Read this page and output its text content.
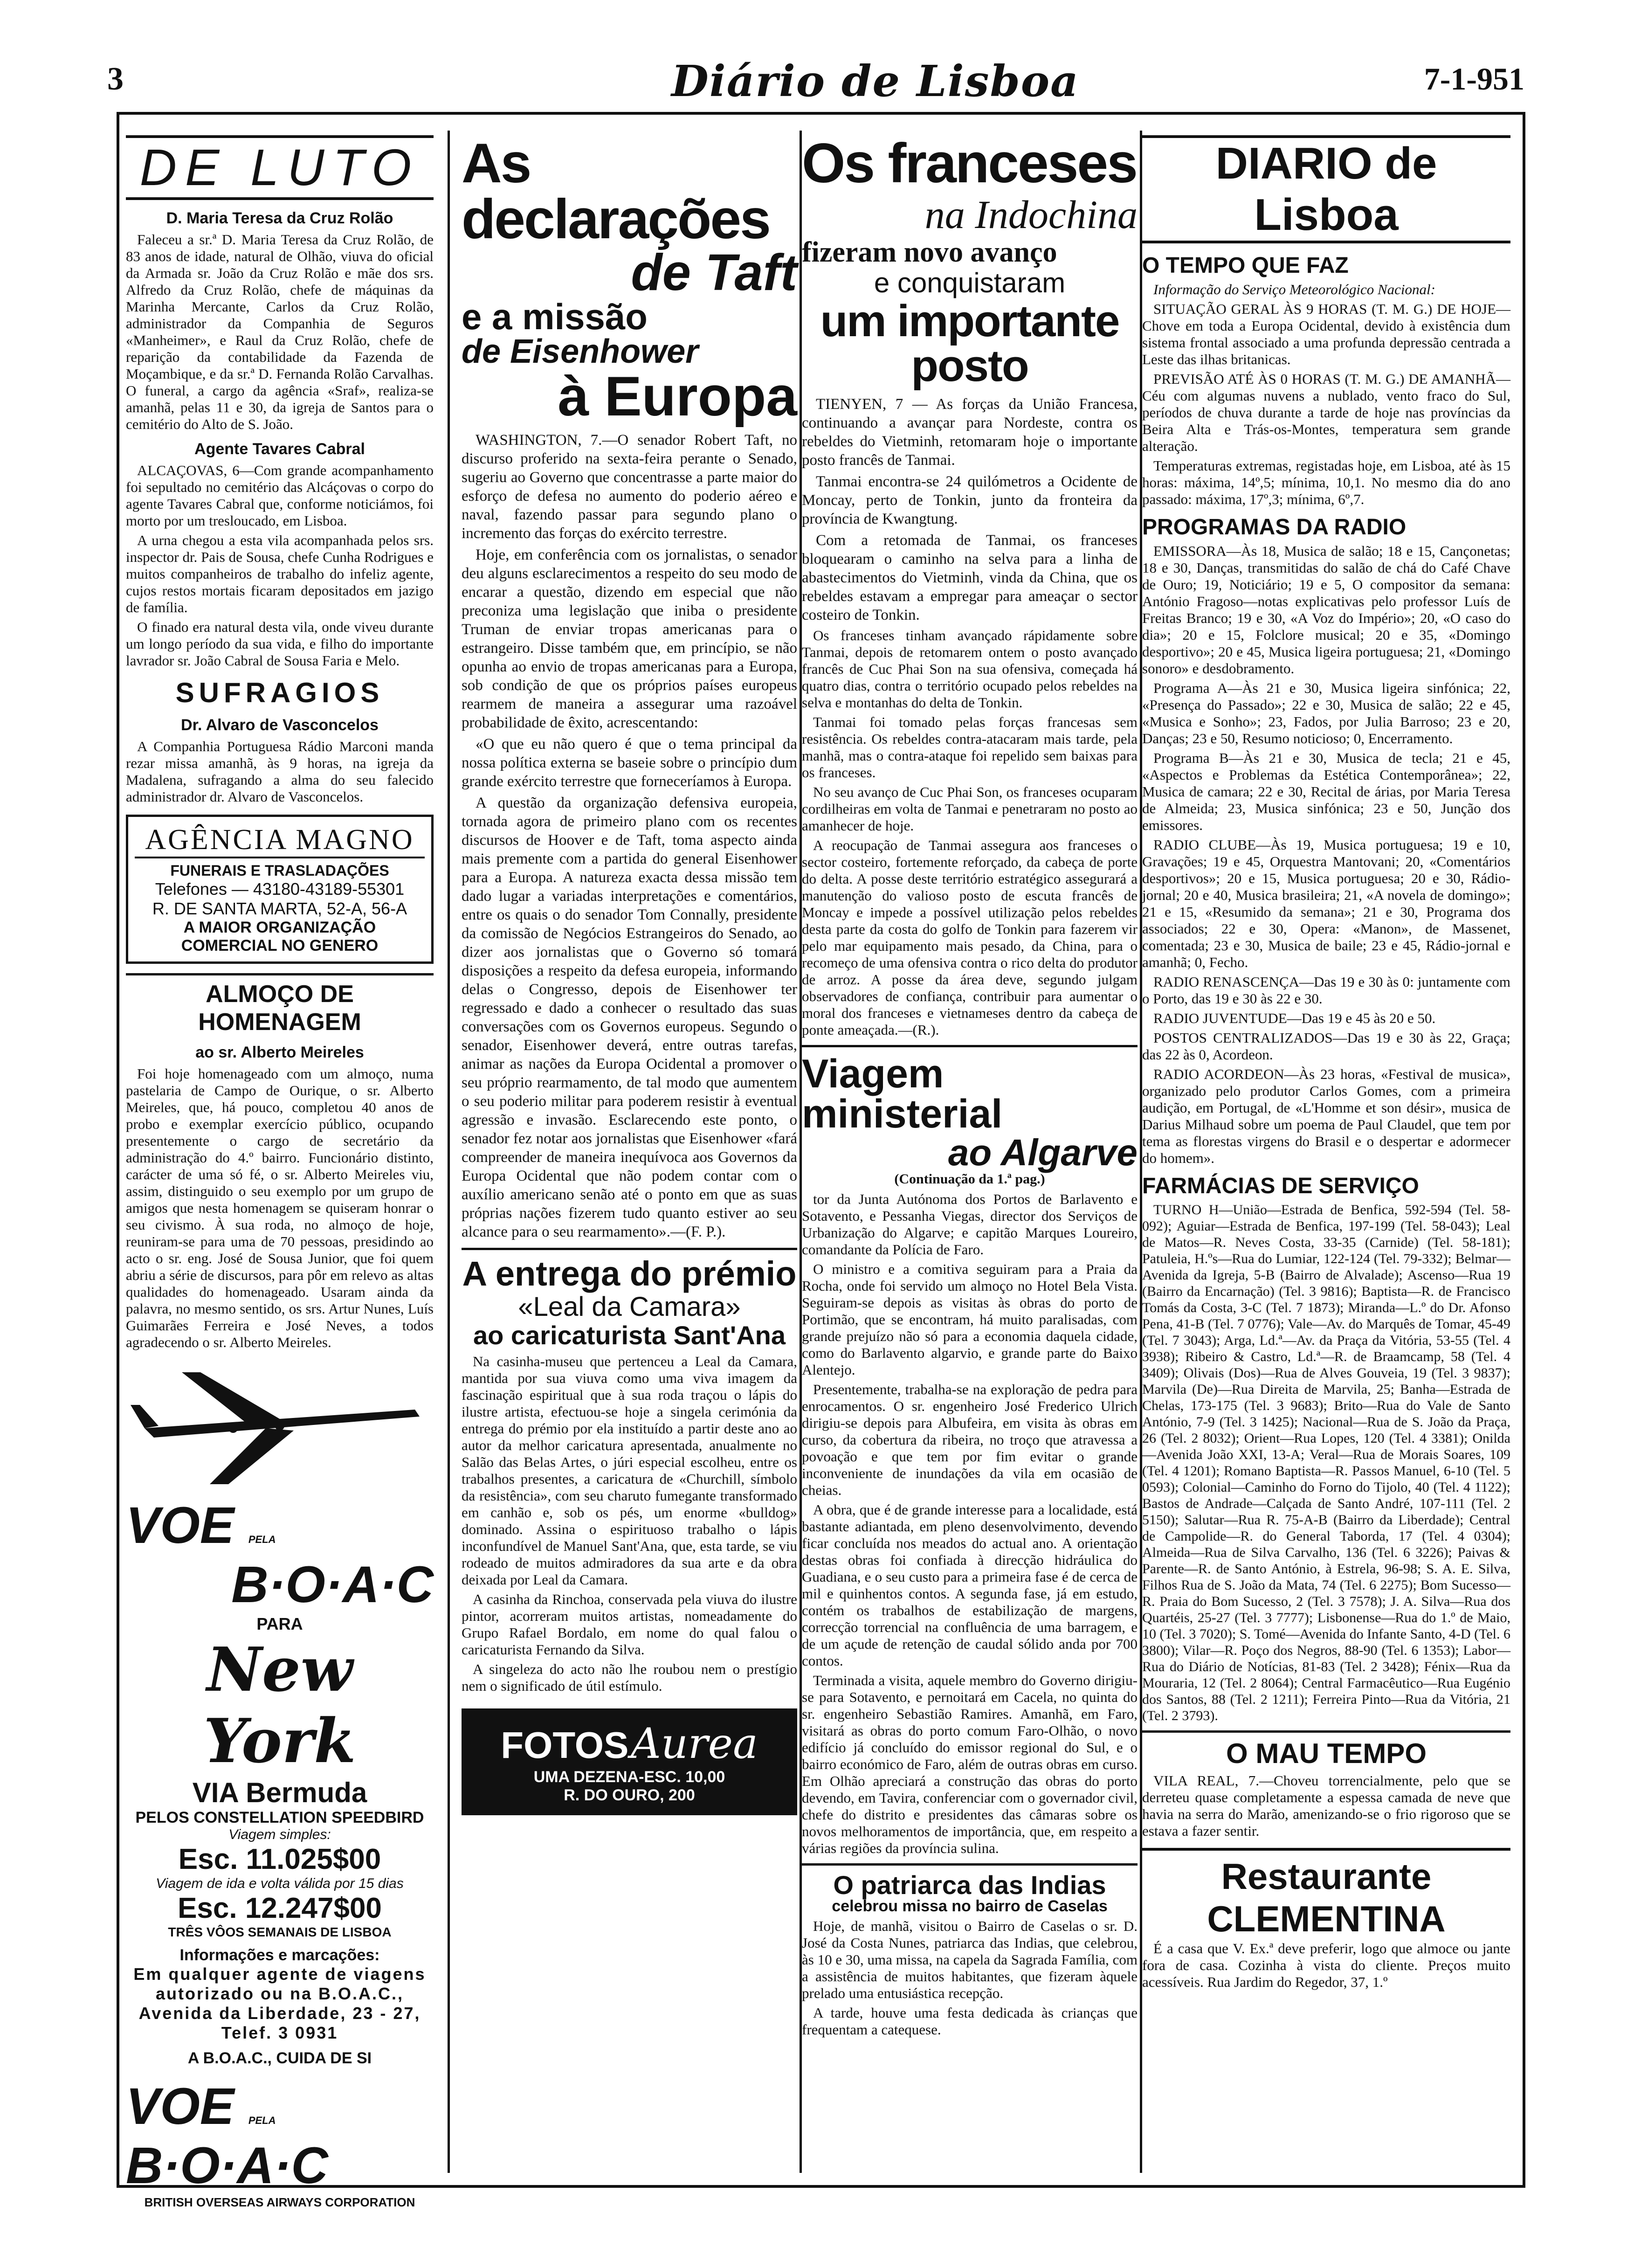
3	Diário de Lisboa	7-1-951
DE LUTO
D. Maria Teresa da Cruz Rolão

Faleceu a sr.ª D. Maria Teresa da Cruz Rolão, de 83 anos de idade, natural de Olhão, viuva do oficial da Armada sr. João da Cruz Rolão e mãe dos srs. Alfredo da Cruz Rolão, chefe de máquinas da Marinha Mercante, Carlos da Cruz Rolão, administrador da Companhia de Seguros «Manheimer», e Raul da Cruz Rolão, chefe de reparição da contabilidade da Fazenda de Moçambique, e da sr.ª D. Fernanda Rolão Carvalhas. O funeral, a cargo da agência «Sraf», realiza-se amanhã, pelas 11 e 30, da igreja de Santos para o cemitério do Alto de S. João.

Agente Tavares Cabral

ALCAÇOVAS, 6—Com grande acompanhamento foi sepultado no cemitério das Alcáçovas o corpo do agente Tavares Cabral que, conforme noticiámos, foi morto por um tresloucado, em Lisboa.

A urna chegou a esta vila acompanhada pelos srs. inspector dr. Pais de Sousa, chefe Cunha Rodrigues e muitos companheiros de trabalho do infeliz agente, cujos restos mortais ficaram depositados em jazigo de família.

O finado era natural desta vila, onde viveu durante um longo período da sua vida, e filho do importante lavrador sr. João Cabral de Sousa Faria e Melo.

SUFRAGIOS
Dr. Alvaro de Vasconcelos

A Companhia Portuguesa Rádio Marconi manda rezar missa amanhã, às 9 horas, na igreja da Madalena, sufragando a alma do seu falecido administrador dr. Alvaro de Vasconcelos.

AGÊNCIA MAGNO
FUNERAIS E TRASLADAÇÕES
Telefones — 43180-43189-55301
R. DE SANTA MARTA, 52-A, 56-A
A MAIOR ORGANIZAÇÃO
COMERCIAL NO GENERO
ALMOÇO DE HOMENAGEM
ao sr. Alberto Meireles

Foi hoje homenageado com um almoço, numa pastelaria de Campo de Ourique, o sr. Alberto Meireles, que, há pouco, completou 40 anos de probo e exemplar exercício público, ocupando presentemente o cargo de secretário da administração do 4.º bairro. Funcionário distinto, carácter de uma só fé, o sr. Alberto Meireles viu, assim, distinguido o seu exemplo por um grupo de amigos que nesta homenagem se quiseram honrar o seu civismo. À sua roda, no almoço de hoje, reuniram-se para uma de 70 pessoas, presidindo ao acto o sr. eng. José de Sousa Junior, que foi quem abriu a série de discursos, para pôr em relevo as altas qualidades do homenageado. Usaram ainda da palavra, no mesmo sentido, os srs. Artur Nunes, Luís Guimarães Ferreira e José Neves, a todos agradecendo o sr. Alberto Meireles.

VOE PELA
B·O·A·C
PARA
New York
VIA Bermuda
PELOS CONSTELLATION SPEEDBIRD
Viagem simples:
Esc. 11.025$00
Viagem de ida e volta válida por 15 dias
Esc. 12.247$00
TRÊS VÔOS SEMANAIS DE LISBOA
Informações e marcações:
Em qualquer agente de viagens autorizado ou na B.O.A.C., Avenida da Liberdade, 23 - 27, Telef. 3 0931
A B.O.A.C., CUIDA DE SI
VOE PELA B·O·A·C
BRITISH OVERSEAS AIRWAYS CORPORATION
As declarações
de Taft
e a missão
de Eisenhower
à Europa

WASHINGTON, 7.—O senador Robert Taft, no discurso proferido na sexta-feira perante o Senado, sugeriu ao Governo que concentrasse a parte maior do esforço de defesa no aumento do poderio aéreo e naval, fazendo passar para segundo plano o incremento das forças do exército terrestre.

Hoje, em conferência com os jornalistas, o senador deu alguns esclarecimentos a respeito do seu modo de encarar a questão, dizendo em especial que não preconiza uma legislação que iniba o presidente Truman de enviar tropas americanas para o estrangeiro. Disse também que, em princípio, se não opunha ao envio de tropas americanas para a Europa, sob condição de que os próprios países europeus rearmem de maneira a assegurar uma razoável probabilidade de êxito, acrescentando:

«O que eu não quero é que o tema principal da nossa política externa se baseie sobre o princípio dum grande exército terrestre que forneceríamos à Europa.

A questão da organização defensiva europeia, tornada agora de primeiro plano com os recentes discursos de Hoover e de Taft, toma aspecto ainda mais premente com a partida do general Eisenhower para a Europa. A natureza exacta dessa missão tem dado lugar a variadas interpretações e comentários, entre os quais o do senador Tom Connally, presidente da comissão de Negócios Estrangeiros do Senado, ao dizer aos jornalistas que o Governo só tomará disposições a respeito da defesa europeia, informando delas o Congresso, depois de Eisenhower ter regressado e dado a conhecer o resultado das suas conversações com os Governos europeus. Segundo o senador, Eisenhower deverá, entre outras tarefas, animar as nações da Europa Ocidental a promover o seu próprio rearmamento, de tal modo que aumentem o seu poderio militar para poderem resistir à eventual agressão e invasão. Esclarecendo este ponto, o senador fez notar aos jornalistas que Eisenhower «fará compreender de maneira inequívoca aos Governos da Europa Ocidental que não podem contar com o auxílio americano senão até o ponto em que as suas próprias nações fizerem tudo quanto estiver ao seu alcance para o seu rearmamento».—(F. P.).

A entrega do prémio
«Leal da Camara»
ao caricaturista Sant'Ana

Na casinha-museu que pertenceu a Leal da Camara, mantida por sua viuva como uma viva imagem da fascinação espiritual que à sua roda traçou o lápis do ilustre artista, efectuou-se hoje a singela cerimónia da entrega do prémio por ela instituído a partir deste ano ao autor da melhor caricatura apresentada, anualmente no Salão das Belas Artes, o júri especial escolheu, entre os trabalhos presentes, a caricatura de «Churchill, símbolo da resistência», com seu charuto fumegante transformado em canhão e, sob os pés, um enorme «bulldog» dominado. Assina o espirituoso trabalho o lápis inconfundível de Manuel Sant'Ana, que, esta tarde, se viu rodeado de muitos admiradores da sua arte e da obra deixada por Leal da Camara.

A casinha da Rinchoa, conservada pela viuva do ilustre pintor, acorreram muitos artistas, nomeadamente do Grupo Rafael Bordalo, em nome do qual falou o caricaturista Fernando da Silva.

A singeleza do acto não lhe roubou nem o prestígio nem o significado de útil estímulo.

FOTOS Aurea
UMA DEZENA-ESC. 10,00
R. DO OURO, 200
Os franceses
na Indochina
fizeram novo avanço
e conquistaram
um importante posto

TIENYEN, 7 — As forças da União Francesa, continuando a avançar para Nordeste, contra os rebeldes do Vietminh, retomaram hoje o importante posto francês de Tanmai.

Tanmai encontra-se 24 quilómetros a Ocidente de Moncay, perto de Tonkin, junto da fronteira da província de Kwangtung.

Com a retomada de Tanmai, os franceses bloquearam o caminho na selva para a linha de abastecimentos do Vietminh, vinda da China, que os rebeldes estavam a empregar para ameaçar o sector costeiro de Tonkin.

Os franceses tinham avançado rápidamente sobre Tanmai, depois de retomarem ontem o posto avançado francês de Cuc Phai Son na sua ofensiva, começada há quatro dias, contra o território ocupado pelos rebeldes na selva e montanhas do delta de Tonkin.

Tanmai foi tomado pelas forças francesas sem resistência. Os rebeldes contra-atacaram mais tarde, pela manhã, mas o contra-ataque foi repelido sem baixas para os franceses.

No seu avanço de Cuc Phai Son, os franceses ocuparam cordilheiras em volta de Tanmai e penetraram no posto ao amanhecer de hoje.

A reocupação de Tanmai assegura aos franceses o sector costeiro, fortemente reforçado, da cabeça de porte do delta. A posse deste território estratégico assegurará a manutenção do valioso posto de escuta francês de Moncay e impede a possível utilização pelos rebeldes desta parte da costa do golfo de Tonkin para fazerem vir pelo mar equipamento mais pesado, da China, para o recomeço de uma ofensiva contra o rico delta do produtor de arroz. A posse da área deve, segundo julgam observadores de confiança, contribuir para aumentar o moral dos franceses e vietnameses dentro da cabeça de ponte ameaçada.—(R.).

Viagem ministerial
ao Algarve
(Continuação da 1.ª pag.)

tor da Junta Autónoma dos Portos de Barlavento e Sotavento, e Pessanha Viegas, director dos Serviços de Urbanização do Algarve; e capitão Marques Loureiro, comandante da Polícia de Faro.

O ministro e a comitiva seguiram para a Praia da Rocha, onde foi servido um almoço no Hotel Bela Vista. Seguiram-se depois as visitas às obras do porto de Portimão, que se encontram, há muito paralisadas, com grande prejuízo não só para a economia daquela cidade, como do Barlavento algarvio, e grande parte do Baixo Alentejo.

Presentemente, trabalha-se na exploração de pedra para enrocamentos. O sr. engenheiro José Frederico Ulrich dirigiu-se depois para Albufeira, em visita às obras em curso, da cobertura da ribeira, no troço que atravessa a povoação e que tem por fim evitar o grande inconveniente de inundações da vila em ocasião de cheias.

A obra, que é de grande interesse para a localidade, está bastante adiantada, em pleno desenvolvimento, devendo ficar concluída nos meados do actual ano. A orientação destas obras foi confiada à direcção hidráulica do Guadiana, e o seu custo para a primeira fase é de cerca de mil e quinhentos contos. A segunda fase, já em estudo, contém os trabalhos de estabilização de margens, correcção torrencial na confluência de uma barragem, e de um açude de retenção de caudal sólido anda por 700 contos.

Terminada a visita, aquele membro do Governo dirigiu-se para Sotavento, e pernoitará em Cacela, no quinta do sr. engenheiro Sebastião Ramires. Amanhã, em Faro, visitará as obras do porto comum Faro-Olhão, o novo edifício já concluído do emissor regional do Sul, e o bairro económico de Faro, além de outras obras em curso. Em Olhão apreciará a construção das obras do porto devendo, em Tavira, conferenciar com o governador civil, chefe do distrito e presidentes das câmaras sobre os novos melhoramentos de importância, que, em respeito a várias regiões da província sulina.

O patriarca das Indias
celebrou missa no bairro de Caselas

Hoje, de manhã, visitou o Bairro de Caselas o sr. D. José da Costa Nunes, patriarca das Indias, que celebrou, às 10 e 30, uma missa, na capela da Sagrada Família, com a assistência de muitos habitantes, que fizeram àquele prelado uma entusiástica recepção.

A tarde, houve uma festa dedicada às crianças que frequentam a catequese.

DIARIO de Lisboa
O TEMPO QUE FAZ

Informação do Serviço Meteorológico Nacional:

SITUAÇÃO GERAL ÀS 9 HORAS (T. M. G.) DE HOJE—Chove em toda a Europa Ocidental, devido à existência dum sistema frontal associado a uma profunda depressão centrada a Leste das ilhas britanicas.

PREVISÃO ATÉ ÀS 0 HORAS (T. M. G.) DE AMANHÃ—Céu com algumas nuvens a nublado, vento fraco do Sul, períodos de chuva durante a tarde de hoje nas províncias da Beira Alta e Trás-os-Montes, temperatura sem grande alteração.

Temperaturas extremas, registadas hoje, em Lisboa, até às 15 horas: máxima, 14º,5; mínima, 10,1. No mesmo dia do ano passado: máxima, 17º,3; mínima, 6º,7.

PROGRAMAS DA RADIO

EMISSORA—Às 18, Musica de salão; 18 e 15, Cançonetas; 18 e 30, Danças, transmitidas do salão de chá do Café Chave de Ouro; 19, Noticiário; 19 e 5, O compositor da semana: António Fragoso—notas explicativas pelo professor Luís de Freitas Branco; 19 e 30, «A Voz do Império»; 20, «O caso do dia»; 20 e 15, Folclore musical; 20 e 35, «Domingo desportivo»; 20 e 45, Musica ligeira portuguesa; 21, «Domingo sonoro» e desdobramento.

Programa A—Às 21 e 30, Musica ligeira sinfónica; 22, «Presença do Passado»; 22 e 30, Musica de salão; 22 e 45, «Musica e Sonho»; 23, Fados, por Julia Barroso; 23 e 20, Danças; 23 e 50, Resumo noticioso; 0, Encerramento.

Programa B—Às 21 e 30, Musica de tecla; 21 e 45, «Aspectos e Problemas da Estética Contemporânea»; 22, Musica de camara; 22 e 30, Recital de árias, por Maria Teresa de Almeida; 23, Musica sinfónica; 23 e 50, Junção dos emissores.

RADIO CLUBE—Às 19, Musica portuguesa; 19 e 10, Gravações; 19 e 45, Orquestra Mantovani; 20, «Comentários desportivos»; 20 e 15, Musica portuguesa; 20 e 30, Rádio-jornal; 20 e 40, Musica brasileira; 21, «A novela de domingo»; 21 e 15, «Resumido da semana»; 21 e 30, Programa dos associados; 22 e 30, Opera: «Manon», de Massenet, comentada; 23 e 30, Musica de baile; 23 e 45, Rádio-jornal e amanhã; 0, Fecho.

RADIO RENASCENÇA—Das 19 e 30 às 0: juntamente com o Porto, das 19 e 30 às 22 e 30.

RADIO JUVENTUDE—Das 19 e 45 às 20 e 50.

POSTOS CENTRALIZADOS—Das 19 e 30 às 22, Graça; das 22 às 0, Acordeon.

RADIO ACORDEON—Às 23 horas, «Festival de musica», organizado pelo produtor Carlos Gomes, com a primeira audição, em Portugal, de «L'Homme et son désir», musica de Darius Milhaud sobre um poema de Paul Claudel, que tem por tema as florestas virgens do Brasil e o despertar e adormecer do homem».

FARMÁCIAS DE SERVIÇO

TURNO H—União—Estrada de Benfica, 592-594 (Tel. 58-092); Aguiar—Estrada de Benfica, 197-199 (Tel. 58-043); Leal de Matos—R. Neves Costa, 33-35 (Carnide) (Tel. 58-181); Patuleia, H.ºs—Rua do Lumiar, 122-124 (Tel. 79-332); Belmar—Avenida da Igreja, 5-B (Bairro de Alvalade); Ascenso—Rua 19 (Bairro da Encarnação) (Tel. 3 9816); Baptista—R. de Francisco Tomás da Costa, 3-C (Tel. 7 1873); Miranda—L.º do Dr. Afonso Pena, 41-B (Tel. 7 0776); Vale—Av. do Marquês de Tomar, 45-49 (Tel. 7 3043); Arga, Ld.ª—Av. da Praça da Vitória, 53-55 (Tel. 4 3938); Ribeiro & Castro, Ld.ª—R. de Braamcamp, 58 (Tel. 4 3409); Olivais (Dos)—Rua de Alves Gouveia, 19 (Tel. 3 9837); Marvila (De)—Rua Direita de Marvila, 25; Banha—Estrada de Chelas, 173-175 (Tel. 3 9683); Brito—Rua do Vale de Santo António, 7-9 (Tel. 3 1425); Nacional—Rua de S. João da Praça, 26 (Tel. 2 8032); Orient—Rua Lopes, 120 (Tel. 4 3381); Onilda—Avenida João XXI, 13-A; Veral—Rua de Morais Soares, 109 (Tel. 4 1201); Romano Baptista—R. Passos Manuel, 6-10 (Tel. 5 0593); Colonial—Caminho do Forno do Tijolo, 40 (Tel. 4 1122); Bastos de Andrade—Calçada de Santo André, 107-111 (Tel. 2 5150); Salutar—Rua R. 75-A-B (Bairro da Liberdade); Central de Campolide—R. do General Taborda, 17 (Tel. 4 0304); Almeida—Rua de Silva Carvalho, 136 (Tel. 6 3226); Paivas & Parente—R. de Santo António, à Estrela, 96-98; S. A. E. Silva, Filhos Rua de S. João da Mata, 74 (Tel. 6 2275); Bom Sucesso—R. Praia do Bom Sucesso, 2 (Tel. 3 7578); J. A. Silva—Rua dos Quartéis, 25-27 (Tel. 3 7777); Lisbonense—Rua do 1.º de Maio, 10 (Tel. 3 7020); S. Tomé—Avenida do Infante Santo, 4-D (Tel. 6 3800); Vilar—R. Poço dos Negros, 88-90 (Tel. 6 1353); Labor—Rua do Diário de Notícias, 81-83 (Tel. 2 3428); Fénix—Rua da Mouraria, 12 (Tel. 2 8064); Central Farmacêutico—Rua Eugénio dos Santos, 88 (Tel. 2 1211); Ferreira Pinto—Rua da Vitória, 21 (Tel. 2 3793).

O MAU TEMPO

VILA REAL, 7.—Choveu torrencialmente, pelo que se derreteu quase completamente a espessa camada de neve que havia na serra do Marão, amenizando-se o frio rigoroso que se estava a fazer sentir.

Restaurante CLEMENTINA

É a casa que V. Ex.ª deve preferir, logo que almoce ou jante fora de casa. Cozinha à vista do cliente. Preços muito acessíveis. Rua Jardim do Regedor, 37, 1.º
